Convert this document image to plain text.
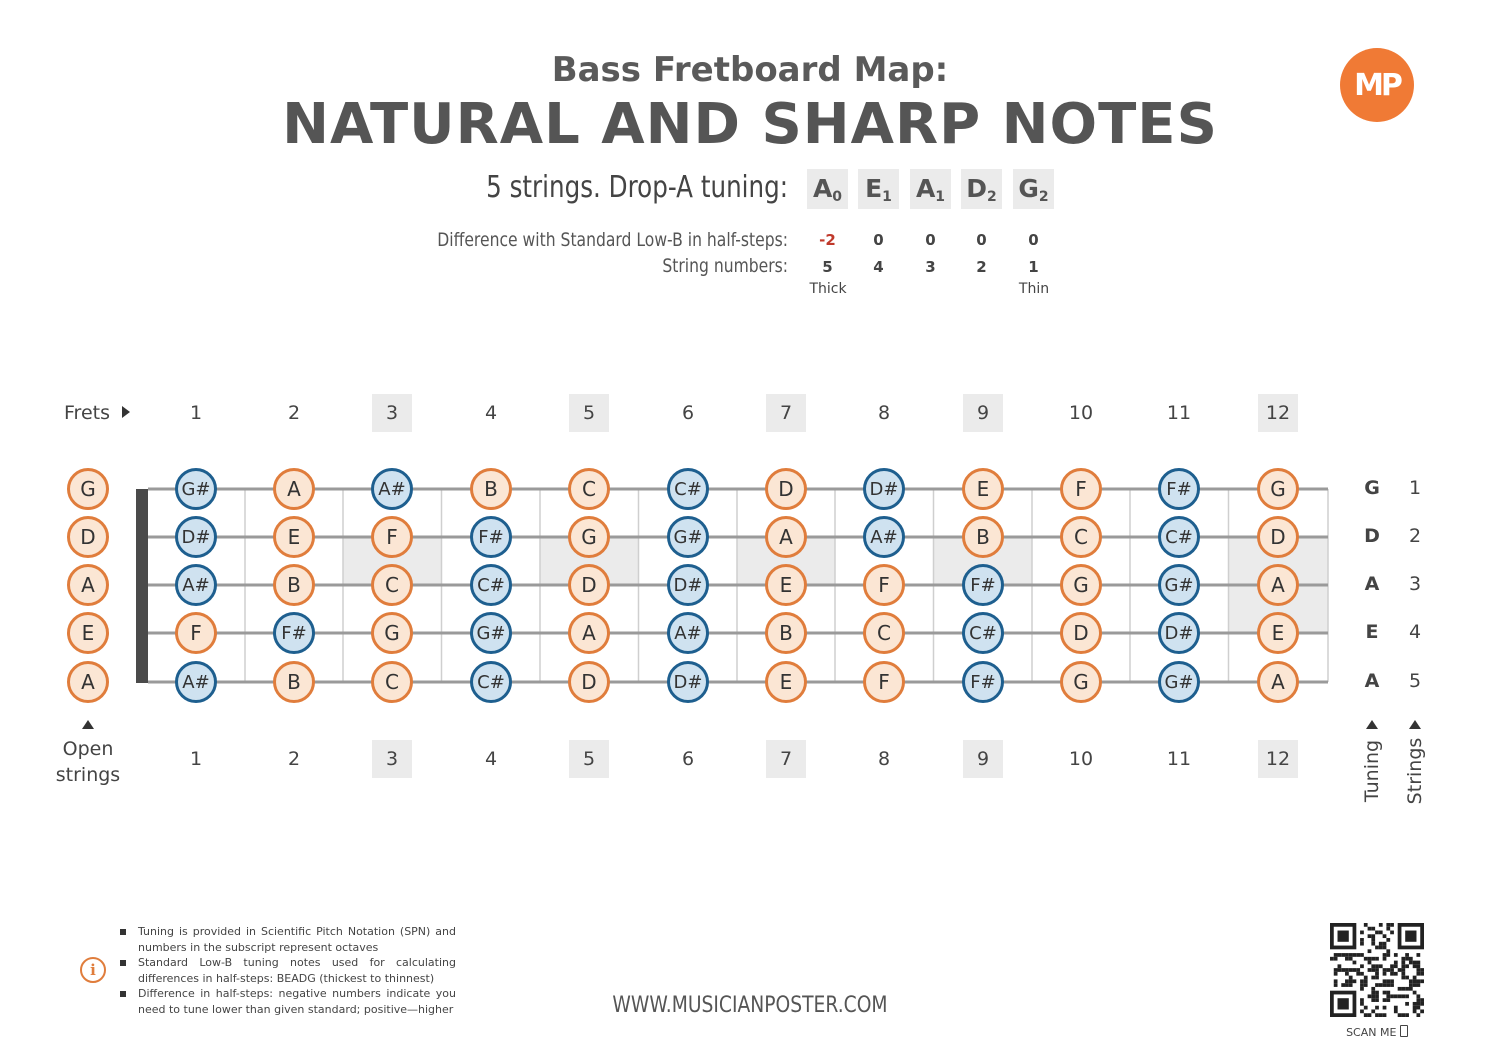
Bass Fretboard Map:
NATURAL AND SHARP NOTES
MP
5 strings. Drop-A tuning: $A_0$ $E_1$ $A_1$ $D_2$ $G_2$
Difference with Standard Low-B in half-steps:
String numbers:
-2	0	0	0	0
5	4	3	2	1
Thick	Thin
Frets	1	2	3	4	5	6	7	8	9	10	11	12
1	2	3	4	5	6	7	8	9	10	11	12
G
D
A
E
A
G#	A	A#	B	C	C#	D	D#	E	F	F#	G
D#	E	F	F#	G	G#	A	A#	B	C	C#	D
A#	B	C	C#	D	D#	E	F	F#	G	G#	A
F	F#	G	G#	A	A#	B	C	C#	D	D#	E
A#	B	C	C#	D	D#	E	F	F#	G	G#	A
G	1
D	2
A	3
E	4
A	5
Open strings	Tuning Strings
i
Tuning is provided in Scientific Pitch Notation (SPN) and numbers in the subscript represent octaves
Standard Low-B tuning notes used for calculating differences in half-steps: BEADG (thickest to thinnest)
Difference in half-steps: negative numbers indicate you need to tune lower than given standard; positive—higher	WWW.MUSICIANPOSTER.COM
SCAN ME
